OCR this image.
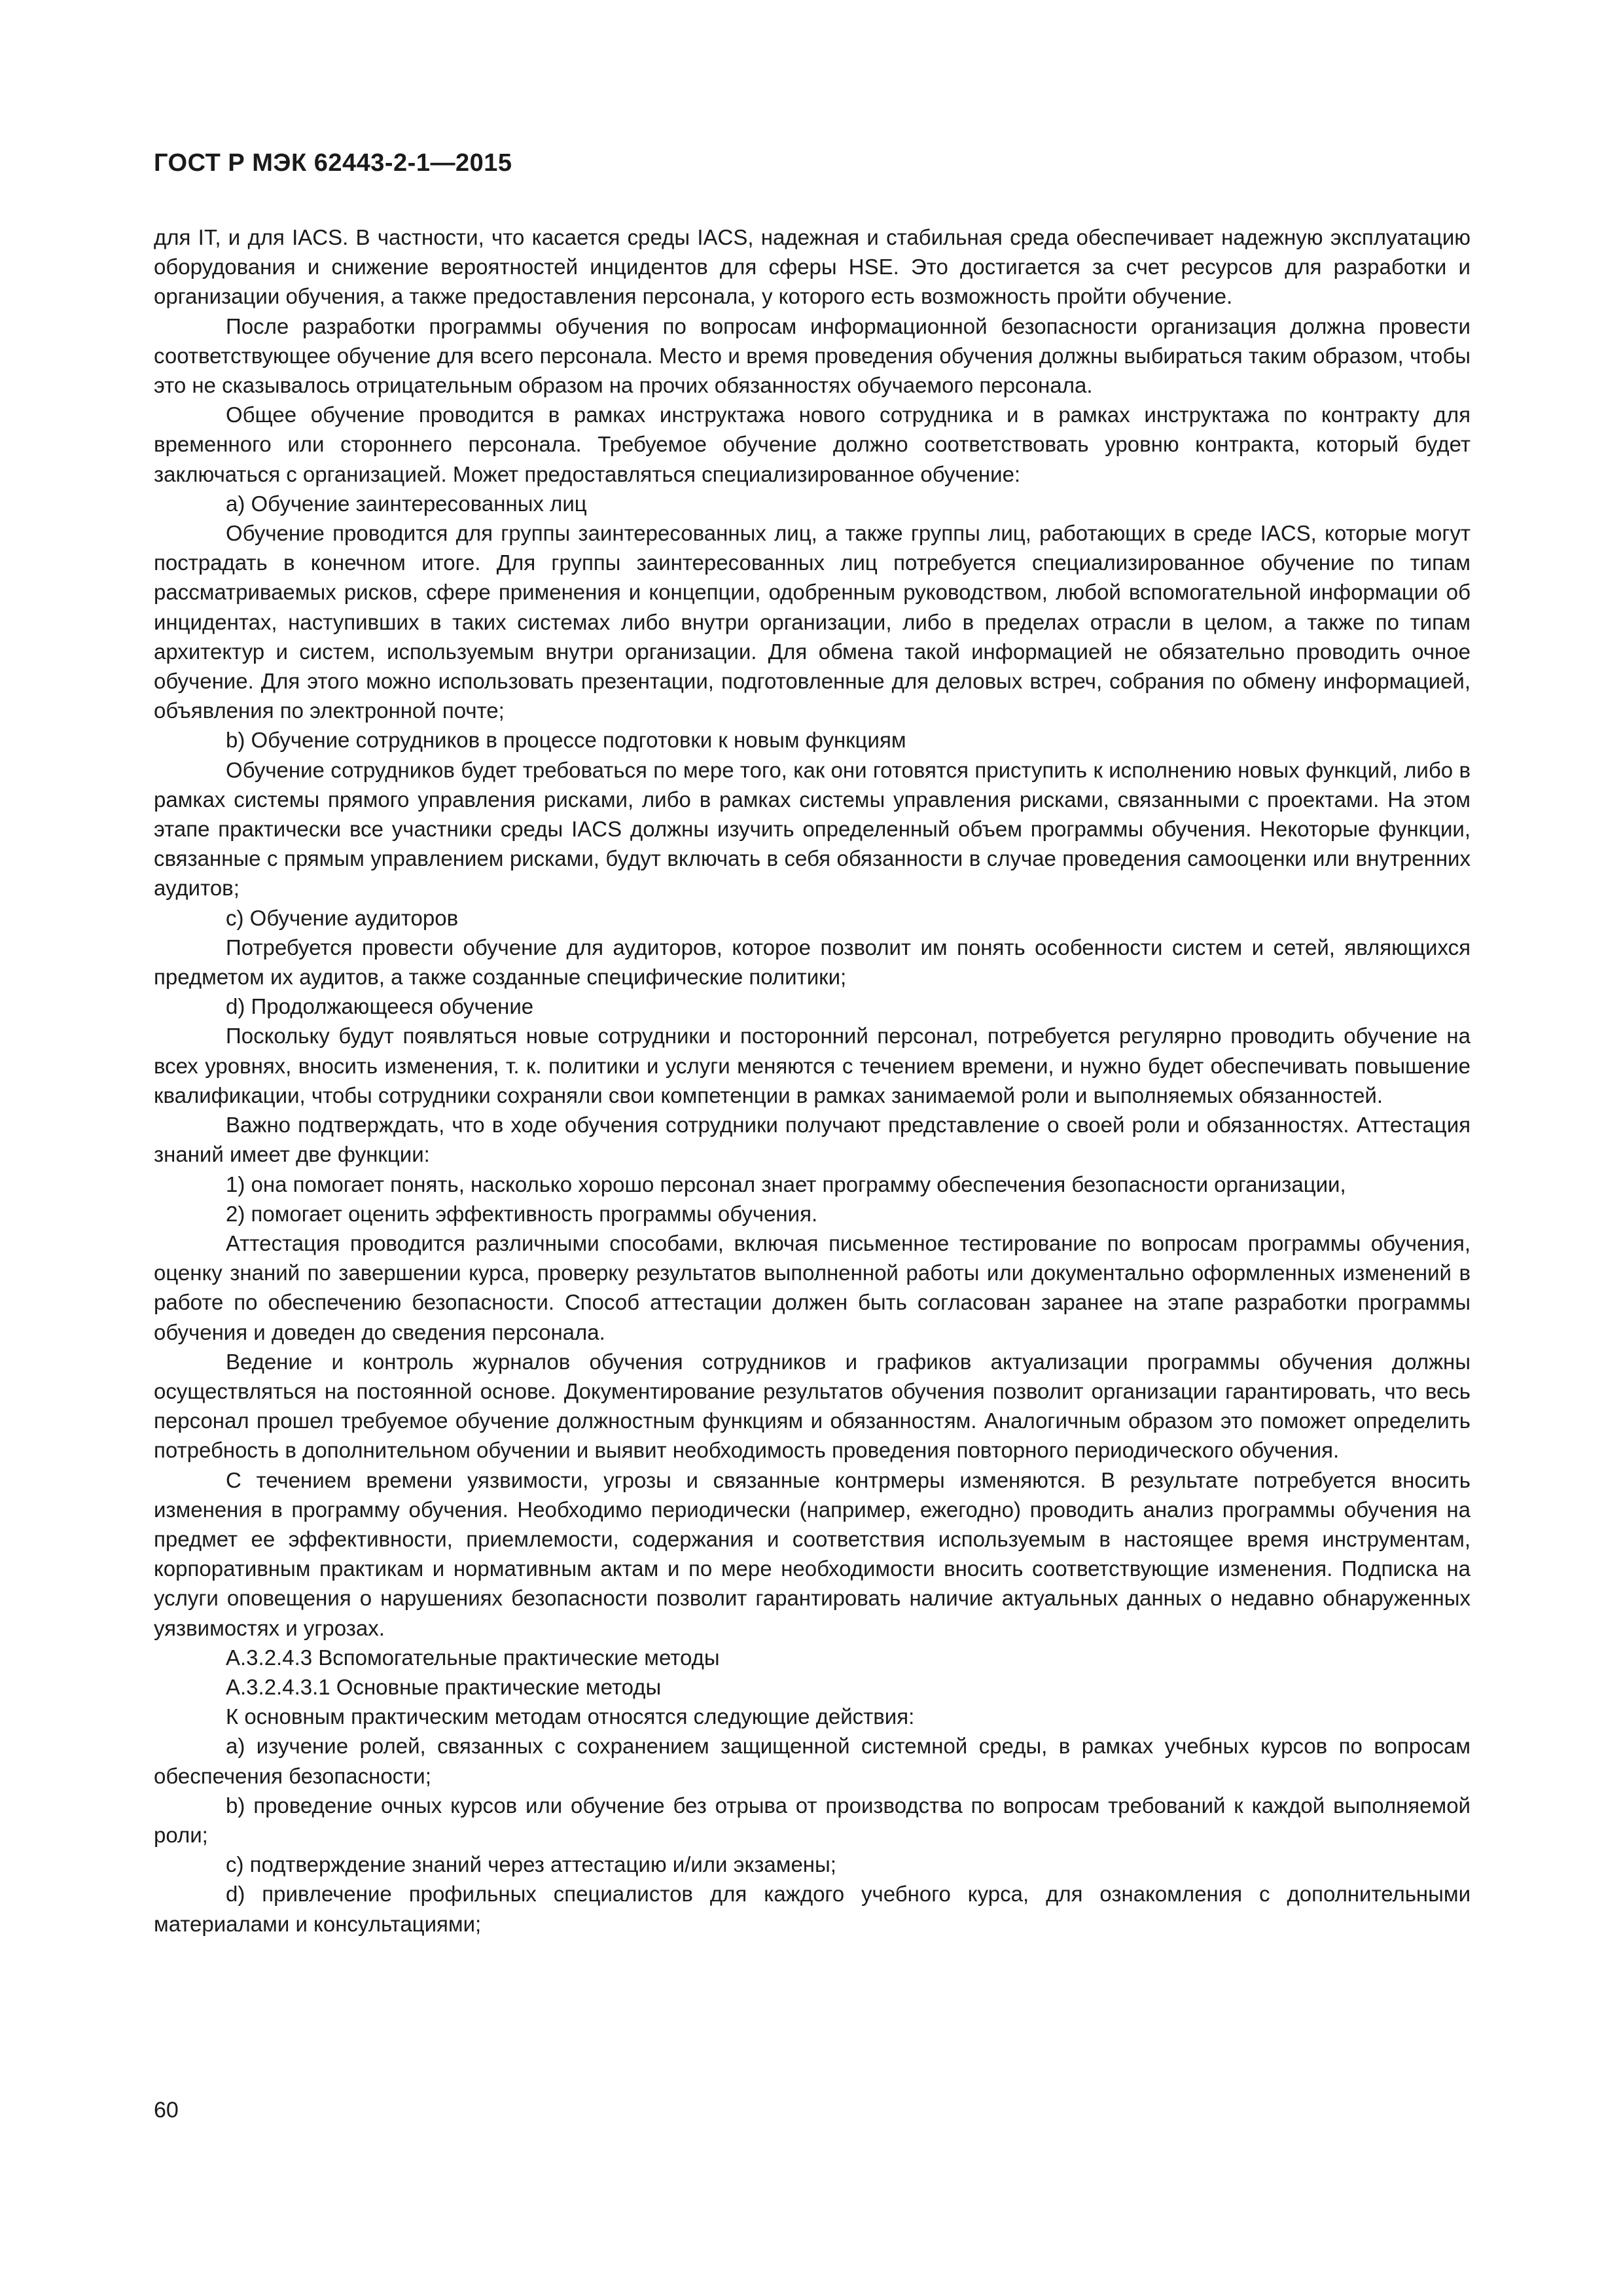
ГОСТ Р МЭК 62443-2-1—2015

для IT, и для IACS. В частности, что касается среды IACS, надежная и стабильная среда обеспечивает надежную эксплуатацию оборудования и снижение вероятностей инцидентов для сферы HSE. Это достигается за счет ресурсов для разработки и организации обучения, а также предоставления персонала, у которого есть возможность пройти обучение.

После разработки программы обучения по вопросам информационной безопасности организация должна провести соответствующее обучение для всего персонала. Место и время проведения обучения должны выбираться таким образом, чтобы это не сказывалось отрицательным образом на прочих обязанностях обучаемого персонала.

Общее обучение проводится в рамках инструктажа нового сотрудника и в рамках инструктажа по контракту для временного или стороннего персонала. Требуемое обучение должно соответствовать уровню контракта, который будет заключаться с организацией. Может предоставляться специализированное обучение:

a) Обучение заинтересованных лиц

Обучение проводится для группы заинтересованных лиц, а также группы лиц, работающих в среде IACS, которые могут пострадать в конечном итоге. Для группы заинтересованных лиц потребуется специализированное обучение по типам рассматриваемых рисков, сфере применения и концепции, одобренным руководством, любой вспомогательной информации об инцидентах, наступивших в таких системах либо внутри организации, либо в пределах отрасли в целом, а также по типам архитектур и систем, используемым внутри организации. Для обмена такой информацией не обязательно проводить очное обучение. Для этого можно использовать презентации, подготовленные для деловых встреч, собрания по обмену информацией, объявления по электронной почте;

b) Обучение сотрудников в процессе подготовки к новым функциям

Обучение сотрудников будет требоваться по мере того, как они готовятся приступить к исполнению новых функций, либо в рамках системы прямого управления рисками, либо в рамках системы управления рисками, связанными с проектами. На этом этапе практически все участники среды IACS должны изучить определенный объем программы обучения. Некоторые функции, связанные с прямым управлением рисками, будут включать в себя обязанности в случае проведения самооценки или внутренних аудитов;

c) Обучение аудиторов

Потребуется провести обучение для аудиторов, которое позволит им понять особенности систем и сетей, являющихся предметом их аудитов, а также созданные специфические политики;

d) Продолжающееся обучение

Поскольку будут появляться новые сотрудники и посторонний персонал, потребуется регулярно проводить обучение на всех уровнях, вносить изменения, т. к. политики и услуги меняются с течением времени, и нужно будет обеспечивать повышение квалификации, чтобы сотрудники сохраняли свои компетенции в рамках занимаемой роли и выполняемых обязанностей.

Важно подтверждать, что в ходе обучения сотрудники получают представление о своей роли и обязанностях. Аттестация знаний имеет две функции:

1) она помогает понять, насколько хорошо персонал знает программу обеспечения безопасности организации,

2) помогает оценить эффективность программы обучения.

Аттестация проводится различными способами, включая письменное тестирование по вопросам программы обучения, оценку знаний по завершении курса, проверку результатов выполненной работы или документально оформленных изменений в работе по обеспечению безопасности. Способ аттестации должен быть согласован заранее на этапе разработки программы обучения и доведен до сведения персонала.

Ведение и контроль журналов обучения сотрудников и графиков актуализации программы обучения должны осуществляться на постоянной основе. Документирование результатов обучения позволит организации гарантировать, что весь персонал прошел требуемое обучение должностным функциям и обязанностям. Аналогичным образом это поможет определить потребность в дополнительном обучении и выявит необходимость проведения повторного периодического обучения.

С течением времени уязвимости, угрозы и связанные контрмеры изменяются. В результате потребуется вносить изменения в программу обучения. Необходимо периодически (например, ежегодно) проводить анализ программы обучения на предмет ее эффективности, приемлемости, содержания и соответствия используемым в настоящее время инструментам, корпоративным практикам и нормативным актам и по мере необходимости вносить соответствующие изменения. Подписка на услуги оповещения о нарушениях безопасности позволит гарантировать наличие актуальных данных о недавно обнаруженных уязвимостях и угрозах.

А.3.2.4.3 Вспомогательные практические методы

А.3.2.4.3.1 Основные практические методы

К основным практическим методам относятся следующие действия:

a) изучение ролей, связанных с сохранением защищенной системной среды, в рамках учебных курсов по вопросам обеспечения безопасности;

b) проведение очных курсов или обучение без отрыва от производства по вопросам требований к каждой выполняемой роли;

c) подтверждение знаний через аттестацию и/или экзамены;

d) привлечение профильных специалистов для каждого учебного курса, для ознакомления с дополнительными материалами и консультациями;

60
